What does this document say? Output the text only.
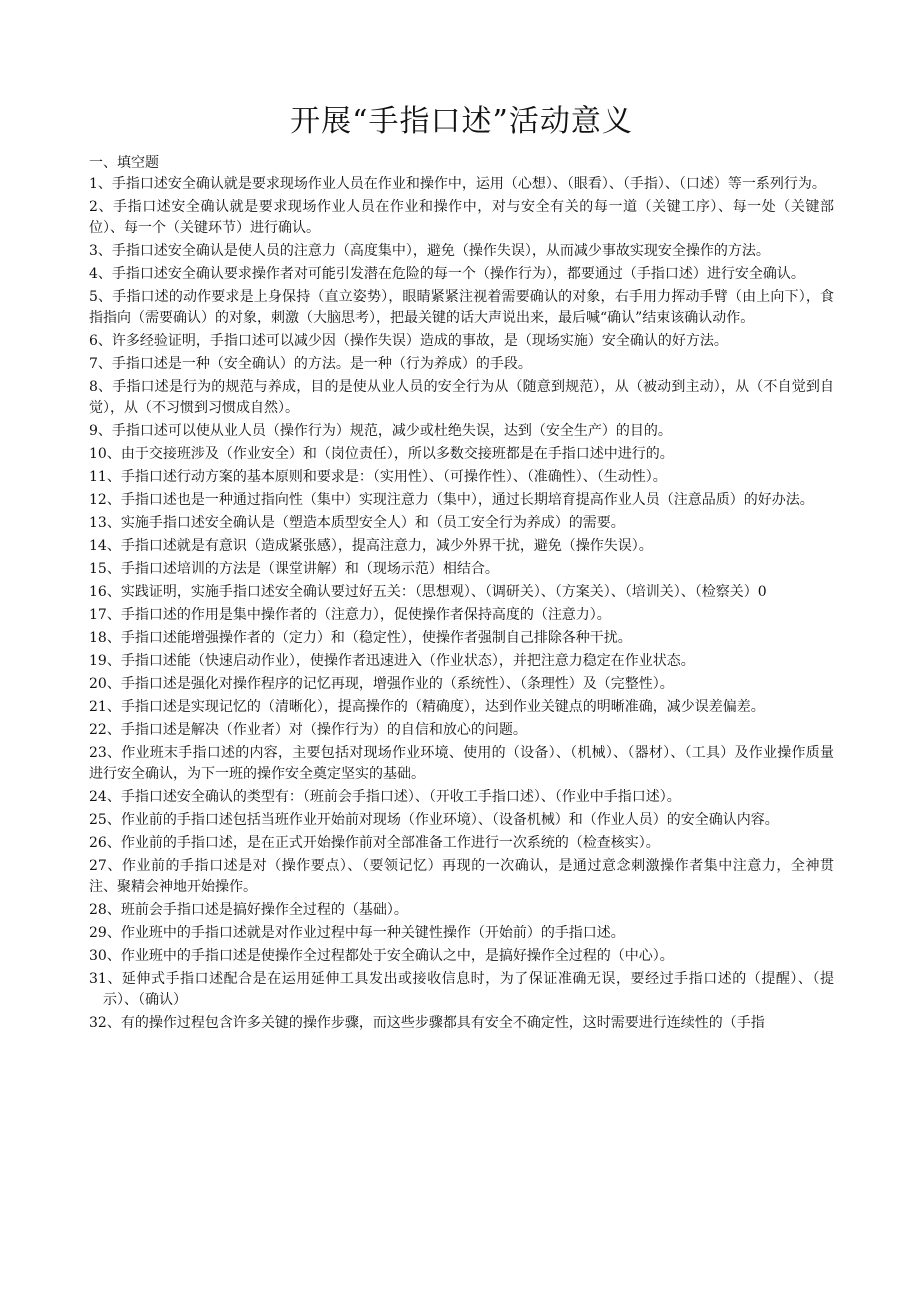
开展“手指口述”活动意义
一、填空题
1、手指口述安全确认就是要求现场作业人员在作业和操作中，运用（心想）、（眼看）、（手指）、（口述）等一系列行为。
2、手指口述安全确认就是要求现场作业人员在作业和操作中，对与安全有关的每一道（关键工序）、每一处（关键部位）、每一个（关键环节）进行确认。
3、手指口述安全确认是使人员的注意力（高度集中），避免（操作失误），从而减少事故实现安全操作的方法。
4、手指口述安全确认要求操作者对可能引发潜在危险的每一个（操作行为），都要通过（手指口述）进行安全确认。
5、手指口述的动作要求是上身保持（直立姿势），眼睛紧紧注视着需要确认的对象，右手用力挥动手臂（由上向下），食指指向（需要确认）的对象，刺激（大脑思考），把最关键的话大声说出来，最后喊“确认”结束该确认动作。
6、许多经验证明，手指口述可以减少因（操作失误）造成的事故，是（现场实施）安全确认的好方法。
7、手指口述是一种（安全确认）的方法。是一种（行为养成）的手段。
8、手指口述是行为的规范与养成，目的是使从业人员的安全行为从（随意到规范），从（被动到主动），从（不自觉到自觉），从（不习惯到习惯成自然）。
9、手指口述可以使从业人员（操作行为）规范，减少或杜绝失误，达到（安全生产）的目的。
10、由于交接班涉及（作业安全）和（岗位责任），所以多数交接班都是在手指口述中进行的。
11、手指口述行动方案的基本原则和要求是：（实用性）、（可操作性）、（准确性）、（生动性）。
12、手指口述也是一种通过指向性（集中）实现注意力（集中），通过长期培育提高作业人员（注意品质）的好办法。
13、实施手指口述安全确认是（塑造本质型安全人）和（员工安全行为养成）的需要。
14、手指口述就是有意识（造成紧张感），提高注意力，减少外界干扰，避免（操作失误）。
15、手指口述培训的方法是（课堂讲解）和（现场示范）相结合。
16、实践证明，实施手指口述安全确认要过好五关：（思想观）、（调研关）、（方案关）、（培训关）、（检察关）0
17、手指口述的作用是集中操作者的（注意力），促使操作者保持高度的（注意力）。
18、手指口述能增强操作者的（定力）和（稳定性），使操作者强制自己排除各种干扰。
19、手指口述能（快速启动作业），使操作者迅速进入（作业状态），并把注意力稳定在作业状态。
20、手指口述是强化对操作程序的记忆再现，增强作业的（系统性）、（条理性）及（完整性）。
21、手指口述是实现记忆的（清晰化），提高操作的（精确度），达到作业关键点的明晰准确，减少误差偏差。
22、手指口述是解决（作业者）对（操作行为）的自信和放心的问题。
23、作业班末手指口述的内容，主要包括对现场作业环境、使用的（设备）、（机械）、（器材）、（工具）及作业操作质量进行安全确认，为下一班的操作安全奠定坚实的基础。
24、手指口述安全确认的类型有：（班前会手指口述）、（开收工手指口述）、（作业中手指口述）。
25、作业前的手指口述包括当班作业开始前对现场（作业环境）、（设备机械）和（作业人员）的安全确认内容。
26、作业前的手指口述，是在正式开始操作前对全部准备工作进行一次系统的（检查核实）。
27、作业前的手指口述是对（操作要点）、（要领记忆）再现的一次确认，是通过意念刺激操作者集中注意力，全神贯注、聚精会神地开始操作。
28、班前会手指口述是搞好操作全过程的（基础）。
29、作业班中的手指口述就是对作业过程中每一种关键性操作（开始前）的手指口述。
30、作业班中的手指口述是使操作全过程都处于安全确认之中，是搞好操作全过程的（中心）。
31、延伸式手指口述配合是在运用延伸工具发出或接收信息时，为了保证准确无误，要经过手指口述的（提醒）、（提示）、（确认）
32、有的操作过程包含许多关键的操作步骤，而这些步骤都具有安全不确定性，这时需要进行连续性的（手指
